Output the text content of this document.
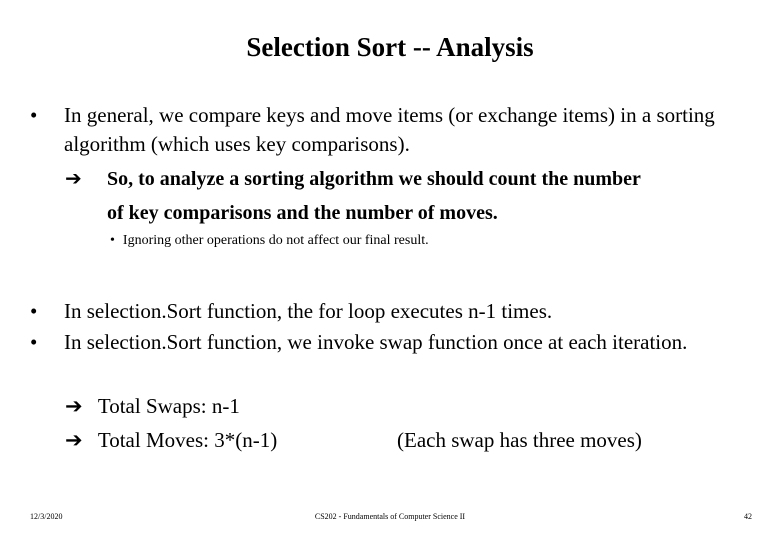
Selection Sort -- Analysis
• In general, we compare keys and move items (or exchange items) in a sorting algorithm (which uses key comparisons).
➔ So, to analyze a sorting algorithm we should count the number
of key comparisons and the number of moves.
• Ignoring other operations do not affect our final result.
• In selection.Sort function, the for loop executes n-1 times.
• In selection.Sort function, we invoke swap function once at each iteration.
➔ Total Swaps: n-1
➔ Total Moves: 3*(n-1)	(Each swap has three moves)
12/3/2020	CS202 - Fundamentals of Computer Science II	42
